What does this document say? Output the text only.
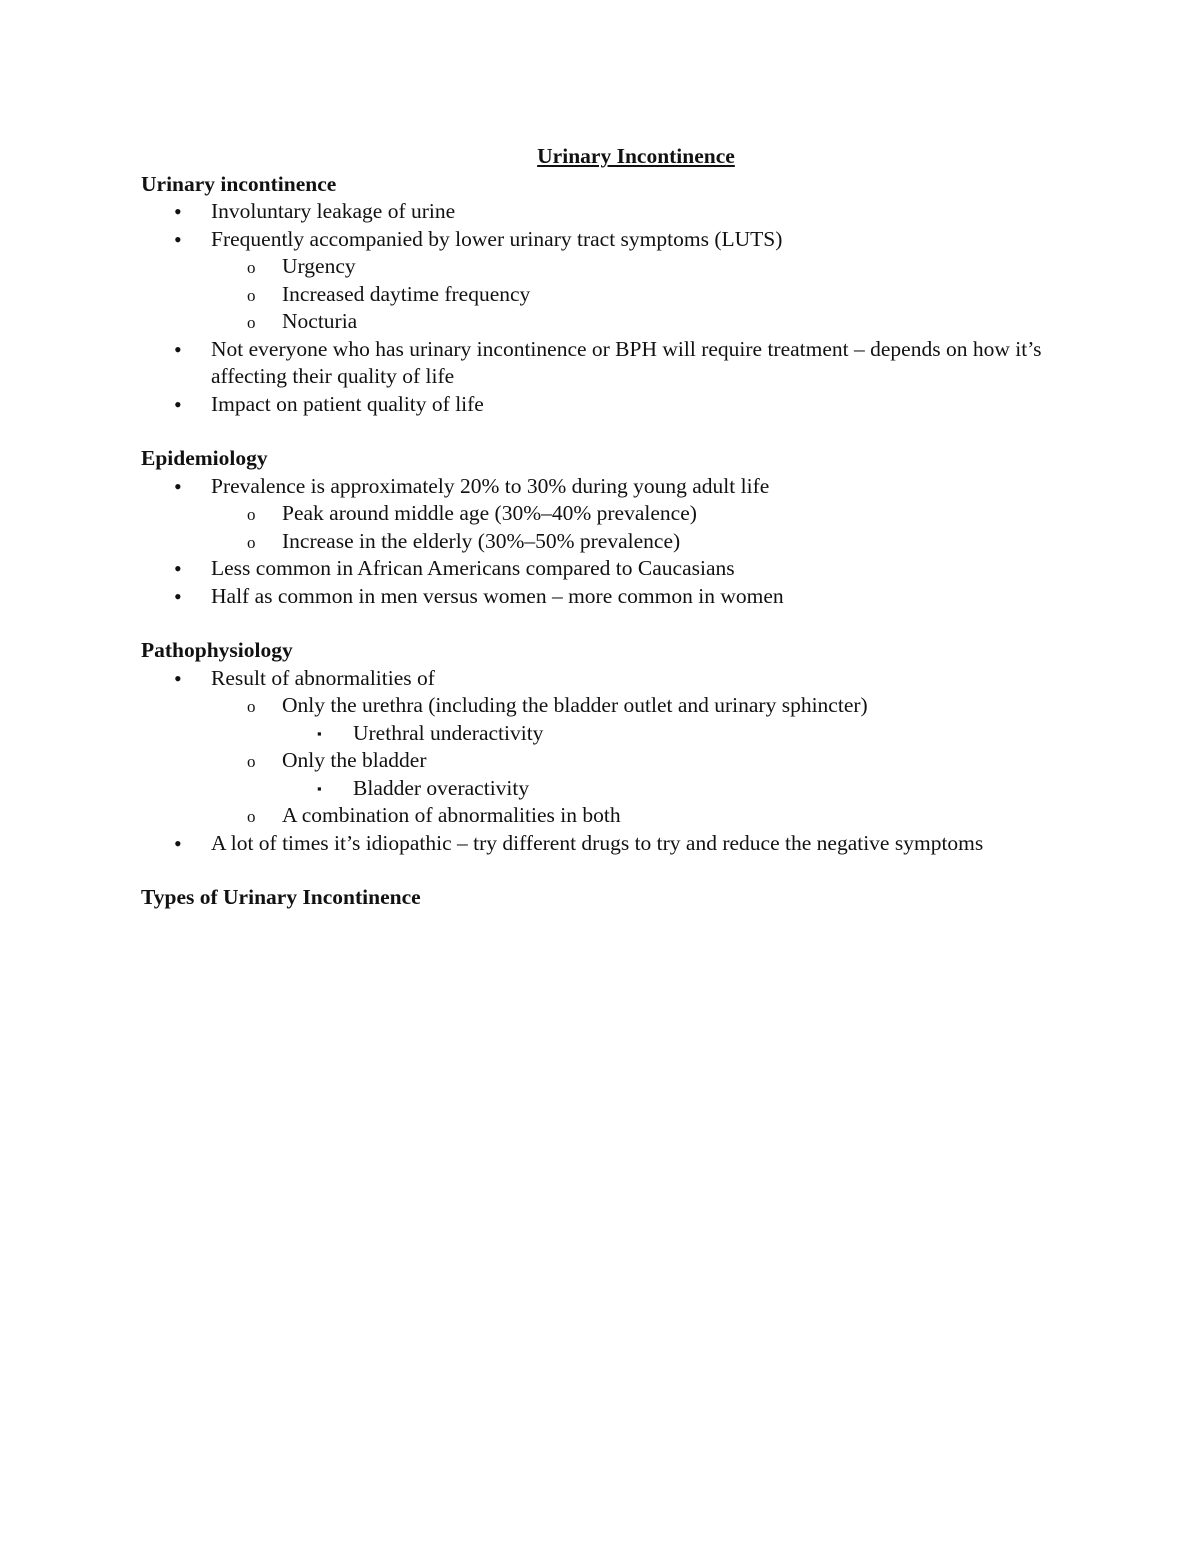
Urinary Incontinence
Urinary incontinence
• Involuntary leakage of urine
• Frequently accompanied by lower urinary tract symptoms (LUTS)
o Urgency
o Increased daytime frequency
o Nocturia
• Not everyone who has urinary incontinence or BPH will require treatment – depends on how it’s affecting their quality of life
• Impact on patient quality of life
Epidemiology
• Prevalence is approximately 20% to 30% during young adult life
o Peak around middle age (30%–40% prevalence)
o Increase in the elderly (30%–50% prevalence)
• Less common in African Americans compared to Caucasians
• Half as common in men versus women – more common in women
Pathophysiology
• Result of abnormalities of
o Only the urethra (including the bladder outlet and urinary sphincter)
▪ Urethral underactivity
o Only the bladder
▪ Bladder overactivity
o A combination of abnormalities in both
• A lot of times it’s idiopathic – try different drugs to try and reduce the negative symptoms
Types of Urinary Incontinence
